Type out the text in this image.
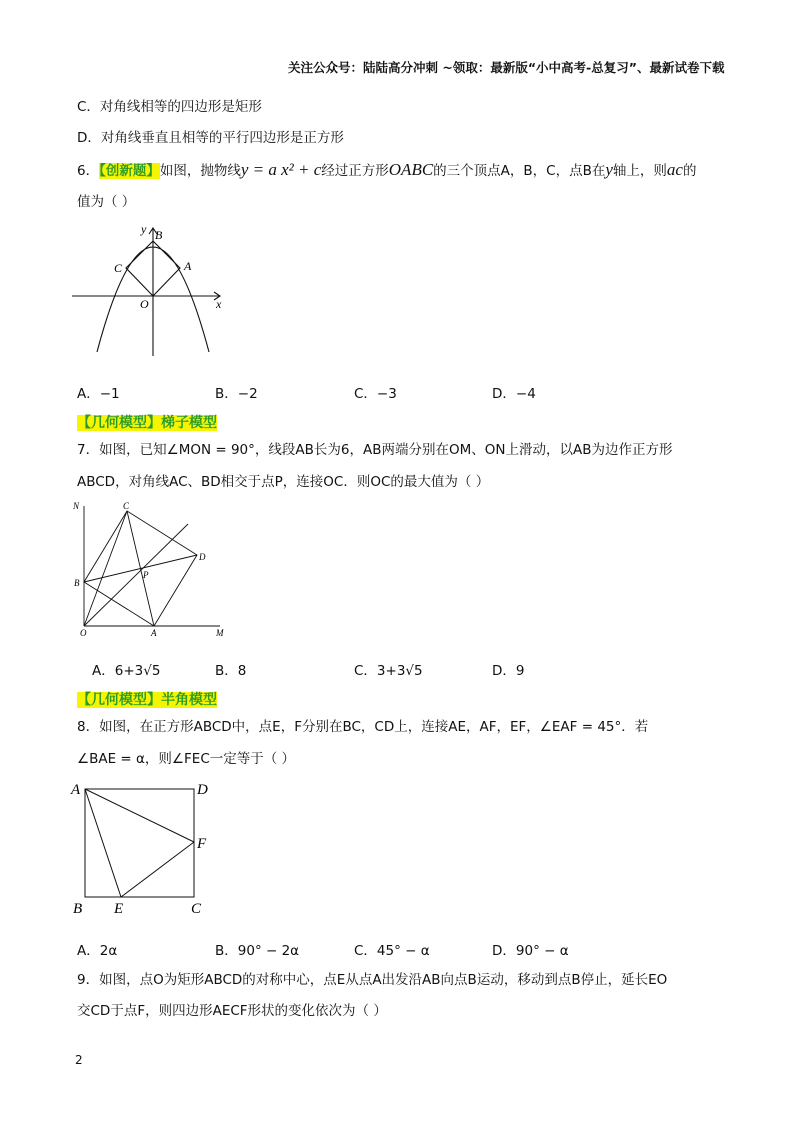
关注公众号：陆陆高分冲刺 ~领取：最新版“小中高考-总复习”、最新试卷下载
C．对角线相等的四边形是矩形
D．对角线垂直且相等的平行四边形是正方形
6．【创新题】如图，抛物线y = a x² + c经过正方形OABC的三个顶点A，B，C，点B在y轴上，则ac的
值为（ ）
y B
C	A
O	x
A．−1	B．−2	C．−3	D．−4
【几何模型】梯子模型
7．如图，已知∠MON = 90°，线段AB长为6，AB两端分别在OM、ON上滑动，以AB为边作正方形
ABCD，对角线AC、BD相交于点P，连接OC．则OC的最大值为（ ）
N	C
D
B
P
O	A	M
A．6+3√5	B．8	C．3+3√5	D．9
【几何模型】半角模型
8．如图，在正方形ABCD中，点E，F分别在BC，CD上，连接AE，AF，EF，∠EAF = 45°．若
∠BAE = α，则∠FEC一定等于（ ）
A	D
F
B E	C
A．2α	B．90° − 2α	C．45° − α	D．90° − α
9．如图，点O为矩形ABCD的对称中心，点E从点A出发沿AB向点B运动，移动到点B停止，延长EO
交CD于点F，则四边形AECF形状的变化依次为（ ）
2
